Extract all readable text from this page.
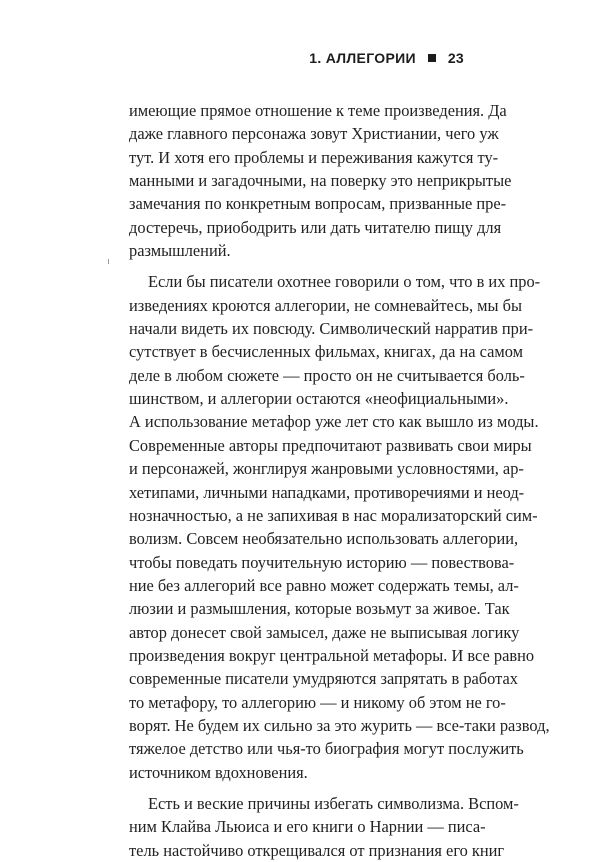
1. АЛЛЕГОРИИ 23
имеющие прямое отношение к теме произведения. Да
даже главного персонажа зовут Христиании, чего уж
тут. И хотя его проблемы и переживания кажутся ту-
манными и загадочными, на поверку это неприкрытые
замечания по конкретным вопросам, призванные пре-
достеречь, приободрить или дать читателю пищу для
размышлений.
Если бы писатели охотнее говорили о том, что в их про-
изведениях кроются аллегории, не сомневайтесь, мы бы
начали видеть их повсюду. Символический нарратив при-
сутствует в бесчисленных фильмах, книгах, да на самом
деле в любом сюжете — просто он не считывается боль-
шинством, и аллегории остаются «неофициальными».
А использование метафор уже лет сто как вышло из моды.
Современные авторы предпочитают развивать свои миры
и персонажей, жонглируя жанровыми условностями, ар-
хетипами, личными нападками, противоречиями и неод-
нозначностью, а не запихивая в нас морализаторский сим-
волизм. Совсем необязательно использовать аллегории,
чтобы поведать поучительную историю — повествова-
ние без аллегорий все равно может содержать темы, ал-
люзии и размышления, которые возьмут за живое. Так
автор донесет свой замысел, даже не выписывая логику
произведения вокруг центральной метафоры. И все равно
современные писатели умудряются запрятать в работах
то метафору, то аллегорию — и никому об этом не го-
ворят. Не будем их сильно за это журить — все-таки развод,
тяжелое детство или чья-то биография могут послужить
источником вдохновения.
Есть и веские причины избегать символизма. Вспом-
ним Клайва Льюиса и его книги о Нарнии — писа-
тель настойчиво открещивался от признания его книг
